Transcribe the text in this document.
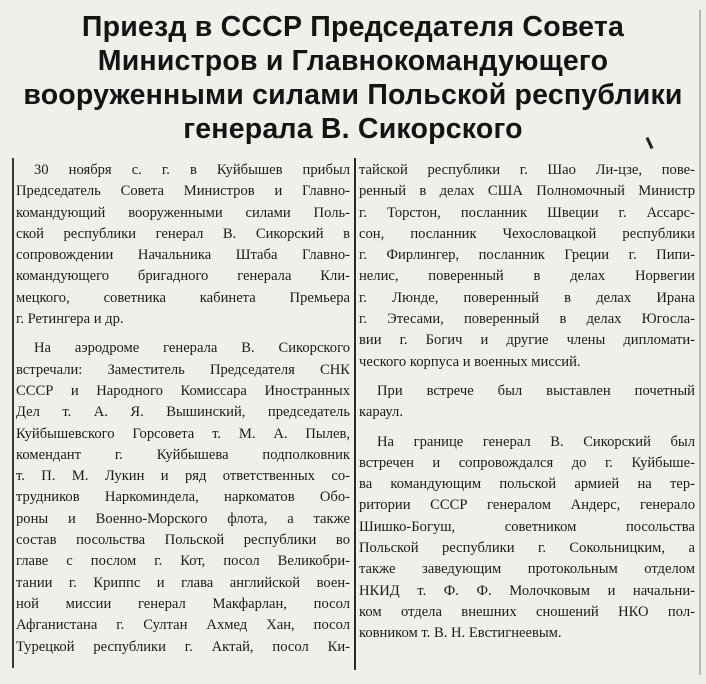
Приезд в СССР Председателя Совета
Министров и Главнокомандующего
вооруженными силами Польской республики
генерала В. Сикорского
30 ноября с. г. в Куйбышев прибыл
Председатель Совета Министров и Главно-
командующий вооруженными силами Поль-
ской республики генерал В. Сикорский в
сопровождении Начальника Штаба Главно-
командующего бригадного генерала Кли-
мецкого, советника кабинета Премьера
г. Ретингера и др.
На аэродроме генерала В. Сикорского
встречали: Заместитель Председателя СНК
СССР и Народного Комиссара Иностранных
Дел т. А. Я. Вышинский, председатель
Куйбышевского Горсовета т. М. А. Пылев,
комендант г. Куйбышева подполковник
т. П. М. Лукин и ряд ответственных со-
трудников Наркоминдела, наркоматов Обо-
роны и Военно-Морского флота, а также
состав посольства Польской республики во
главе с послом г. Кот, посол Великобри-
тании г. Криппс и глава английской воен-
ной миссии генерал Макфарлан, посол
Афганистана г. Султан Ахмед Хан, посол
Турецкой республики г. Актай, посол Ки-
тайской республики г. Шао Ли-цзе, пове-
ренный в делах США Полномочный Министр
г. Торстон, посланник Швеции г. Ассарс-
сон, посланник Чехословацкой республики
г. Фирлингер, посланник Греции г. Пипи-
нелис, поверенный в делах Норвегии
г. Люнде, поверенный в делах Ирана
г. Этесами, поверенный в делах Югосла-
вии г. Богич и другие члены дипломати-
ческого корпуса и военных миссий.
При встрече был выставлен почетный
караул.
На границе генерал В. Сикорский был
встречен и сопровождался до г. Куйбыше-
ва командующим польской армией на тер-
ритории СССР генералом Андерс, генерало
Шишко-Богуш, советником посольства
Польской республики г. Сокольницким, а
также заведующим протокольным отделом
НКИД т. Ф. Ф. Молочковым и начальни-
ком отдела внешних сношений НКО пол-
ковником т. В. Н. Евстигнеевым.
